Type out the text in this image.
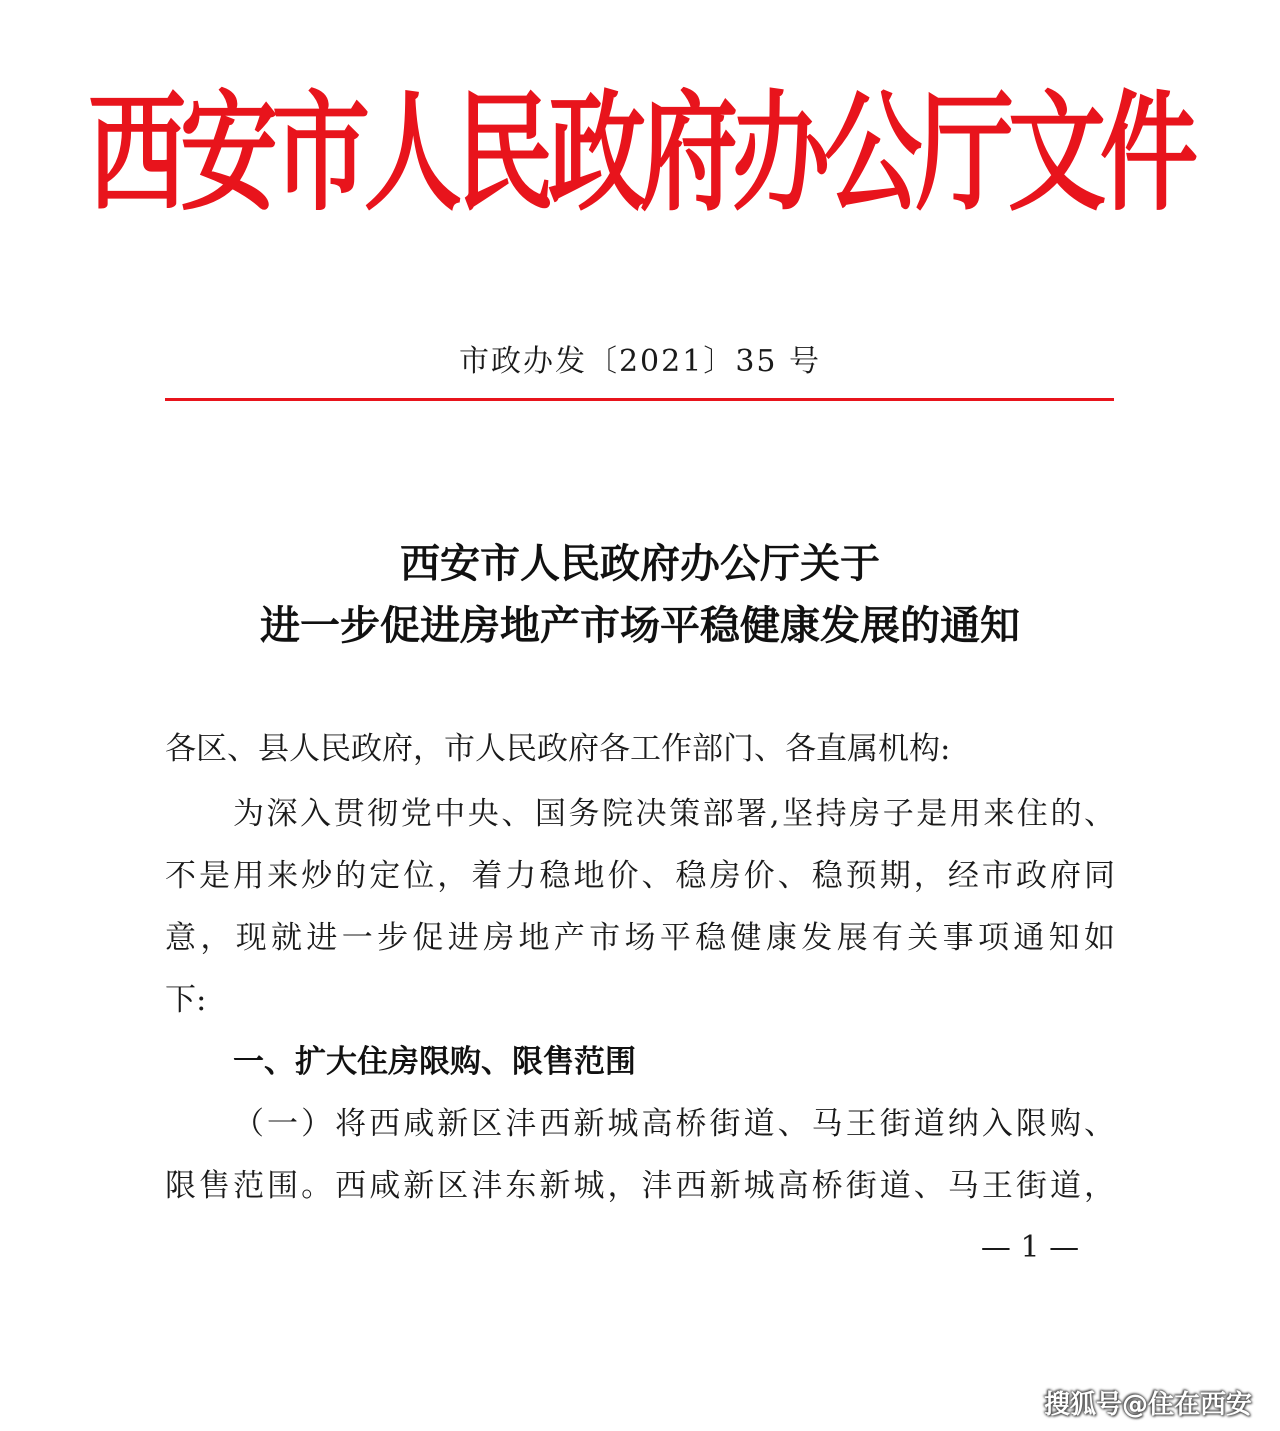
西安市人民政府办公厅文件
市政办发〔2021〕35 号
西安市人民政府办公厅关于
进一步促进房地产市场平稳健康发展的通知
各区、县人民政府，市人民政府各工作部门、各直属机构:
为深入贯彻党中央、国务院决策部署,坚持房子是用来住的、
不是用来炒的定位，着力稳地价、稳房价、稳预期，经市政府同
意，现就进一步促进房地产市场平稳健康发展有关事项通知如
下:
一、扩大住房限购、限售范围
（一）将西咸新区沣西新城高桥街道、马王街道纳入限购、
限售范围。西咸新区沣东新城，沣西新城高桥街道、马王街道，
— 1 —
搜狐号@住在西安
